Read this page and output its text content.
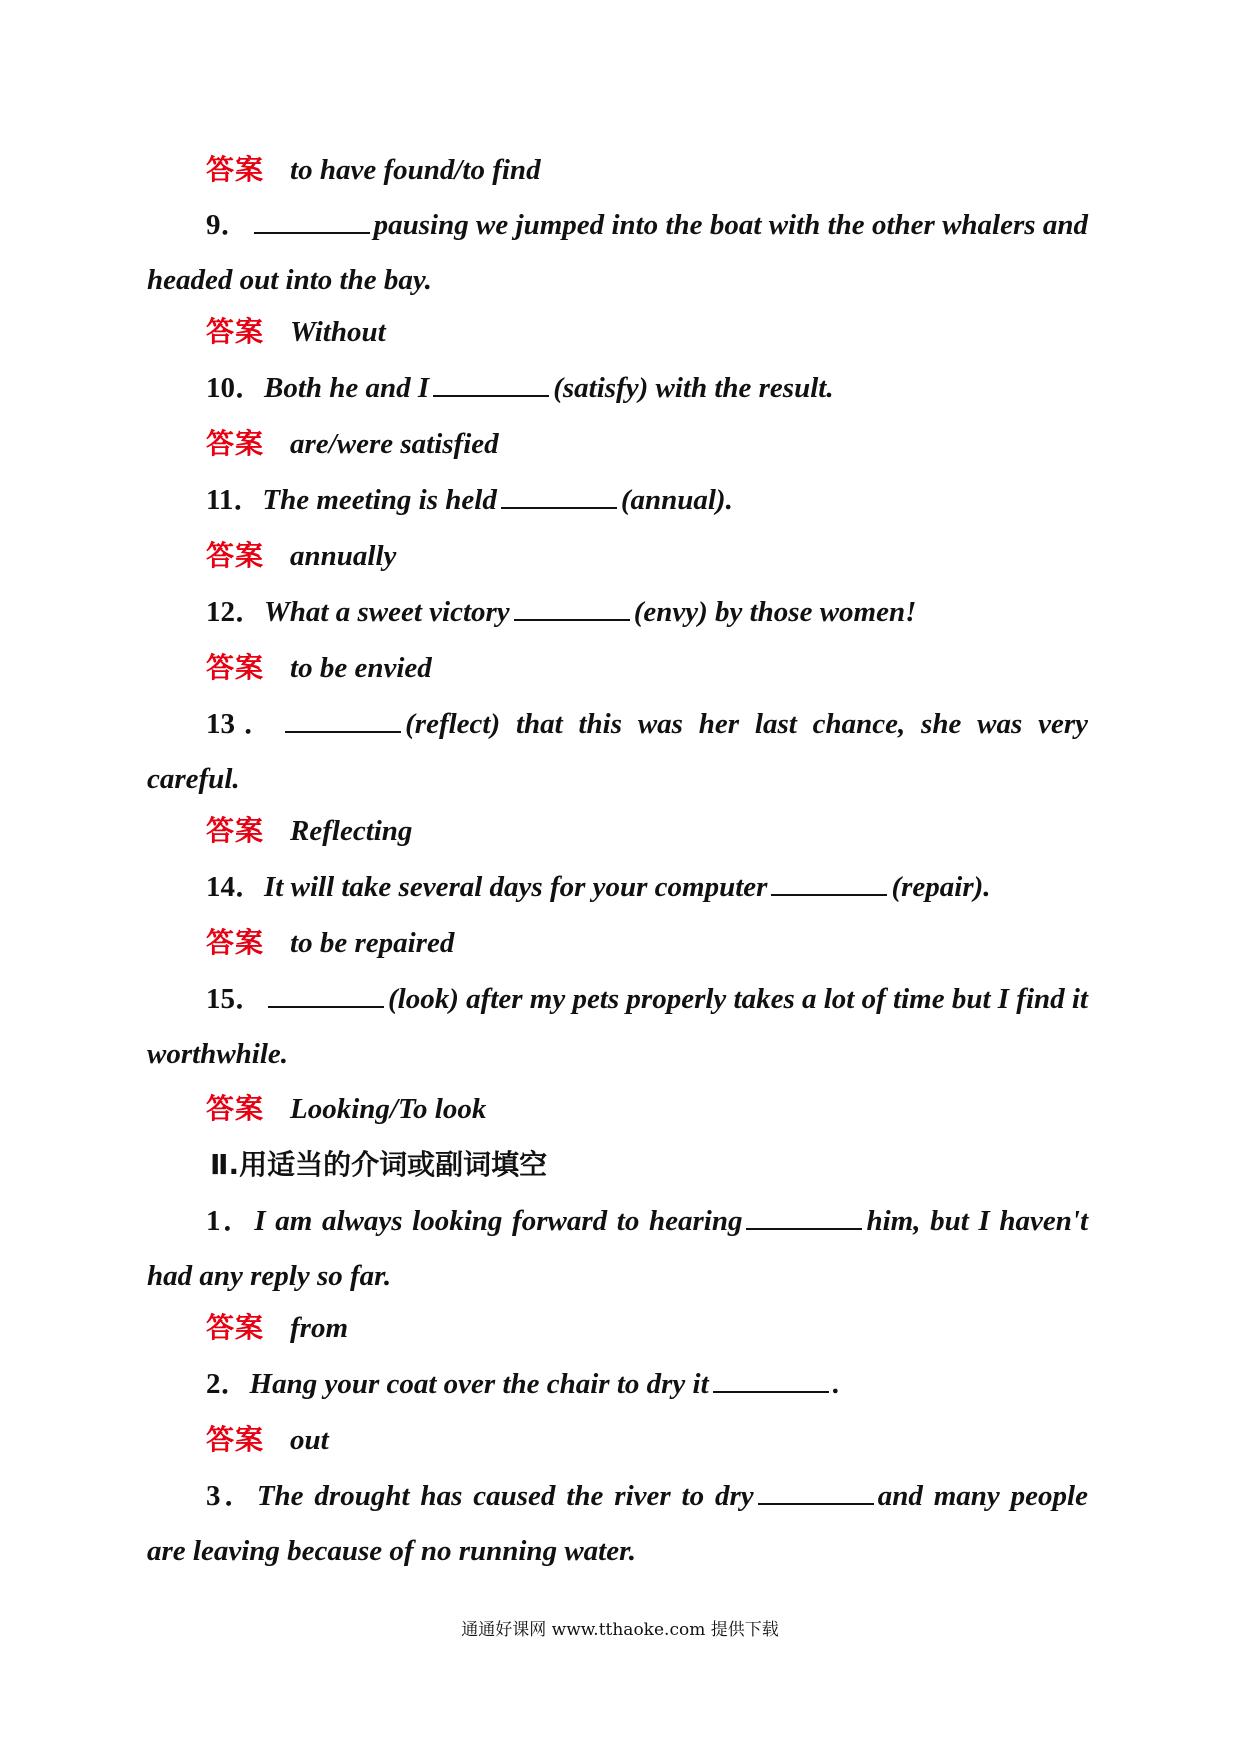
答案 to have found/to find
9．	pausing we jumped into the boat with the other whalers and
headed out into the bay.
答案 Without
10．Both he and I	(satisfy) with the result.
答案 are/were satisfied
11．The meeting is held	(annual).
答案 annually
12．What a sweet victory	(envy) by those women!
答案 to be envied
13．	(reflect) that this was her last chance, she was very
careful.
答案 Reflecting
14．It will take several days for your computer	(repair).
答案 to be repaired
15．	(look) after my pets properly takes a lot of time but I find it
worthwhile.
答案 Looking/To look
Ⅱ.用适当的介词或副词填空
1．I am always looking forward to hearing	him, but I haven't
had any reply so far.
答案 from
2．Hang your coat over the chair to dry it	.
答案 out
3．The drought has caused the river to dry	and many people
are leaving because of no running water.
通通好课网 www.tthaoke.com 提供下载
